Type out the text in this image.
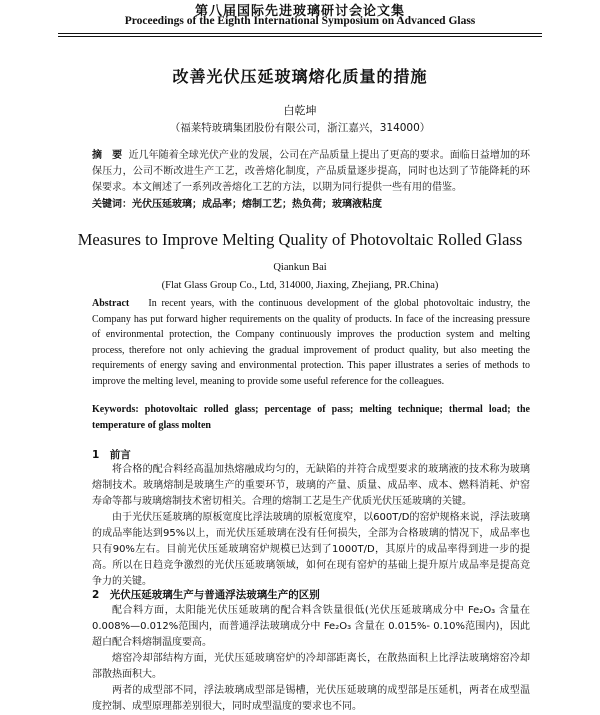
第八届国际先进玻璃研讨会论文集
Proceedings of the Eighth International Symposium on Advanced Glass
改善光伏压延玻璃熔化质量的措施
白乾坤
（福莱特玻璃集团股份有限公司，浙江嘉兴，314000）

摘　要 近几年随着全球光伏产业的发展，公司在产品质量上提出了更高的要求。面临日益增加的环保压力，公司不断改进生产工艺，改善熔化制度，产品质量逐步提高，同时也达到了节能降耗的环保要求。本文阐述了一系列改善熔化工艺的方法，以期为同行提供一些有用的借鉴。

关键词：光伏压延玻璃；成品率；熔制工艺；热负荷；玻璃液粘度

Measures to Improve Melting Quality of Photovoltaic Rolled Glass
Qiankun Bai
(Flat Glass Group Co., Ltd, 314000, Jiaxing, Zhejiang, PR.China)

Abstract In recent years, with the continuous development of the global photovoltaic industry, the Company has put forward higher requirements on the quality of products. In face of the increasing pressure of environmental protection, the Company continuously improves the production system and melting process, therefore not only achieving the gradual improvement of product quality, but also meeting the requirements of energy saving and environmental protection. This paper illustrates a series of methods to improve the melting level, meaning to provide some useful reference for the colleagues.

Keywords: photovoltaic rolled glass; percentage of pass; melting technique; thermal load; the temperature of glass molten

1　前言

将合格的配合料经高温加热熔融成均匀的，无缺陷的并符合成型要求的玻璃液的技术称为玻璃熔制技术。玻璃熔制是玻璃生产的重要环节，玻璃的产量、质量、成品率、成本、燃料消耗、炉窑寿命等都与玻璃熔制技术密切相关。合理的熔制工艺是生产优质光伏压延玻璃的关键。

由于光伏压延玻璃的原板宽度比浮法玻璃的原板宽度窄，以600T/D的窑炉规格来说，浮法玻璃的成品率能达到95%以上，而光伏压延玻璃在没有任何损失，全部为合格玻璃的情况下，成品率也只有90%左右。目前光伏压延玻璃窑炉规模已达到了1000T/D，其原片的成品率得到进一步的提高。所以在日趋竞争激烈的光伏压延玻璃领域，如何在现有窑炉的基础上提升原片成品率是提高竞争力的关键。

2　光伏压延玻璃生产与普通浮法玻璃生产的区别

配合料方面，太阳能光伏压延玻璃的配合料含铁量很低(光伏压延玻璃成分中 Fe₂O₃ 含量在0.008%—0.012%范围内，而普通浮法玻璃成分中 Fe₂O₃ 含量在 0.015%- 0.10%范围内)，因此超白配合料熔制温度要高。

熔窑冷却部结构方面，光伏压延玻璃窑炉的冷却部距离长，在散热面积上比浮法玻璃熔窑冷却部散热面积大。

两者的成型部不同，浮法玻璃成型部是锡槽，光伏压延玻璃的成型部是压延机，两者在成型温度控制、成型原理都差别很大，同时成型温度的要求也不同。
